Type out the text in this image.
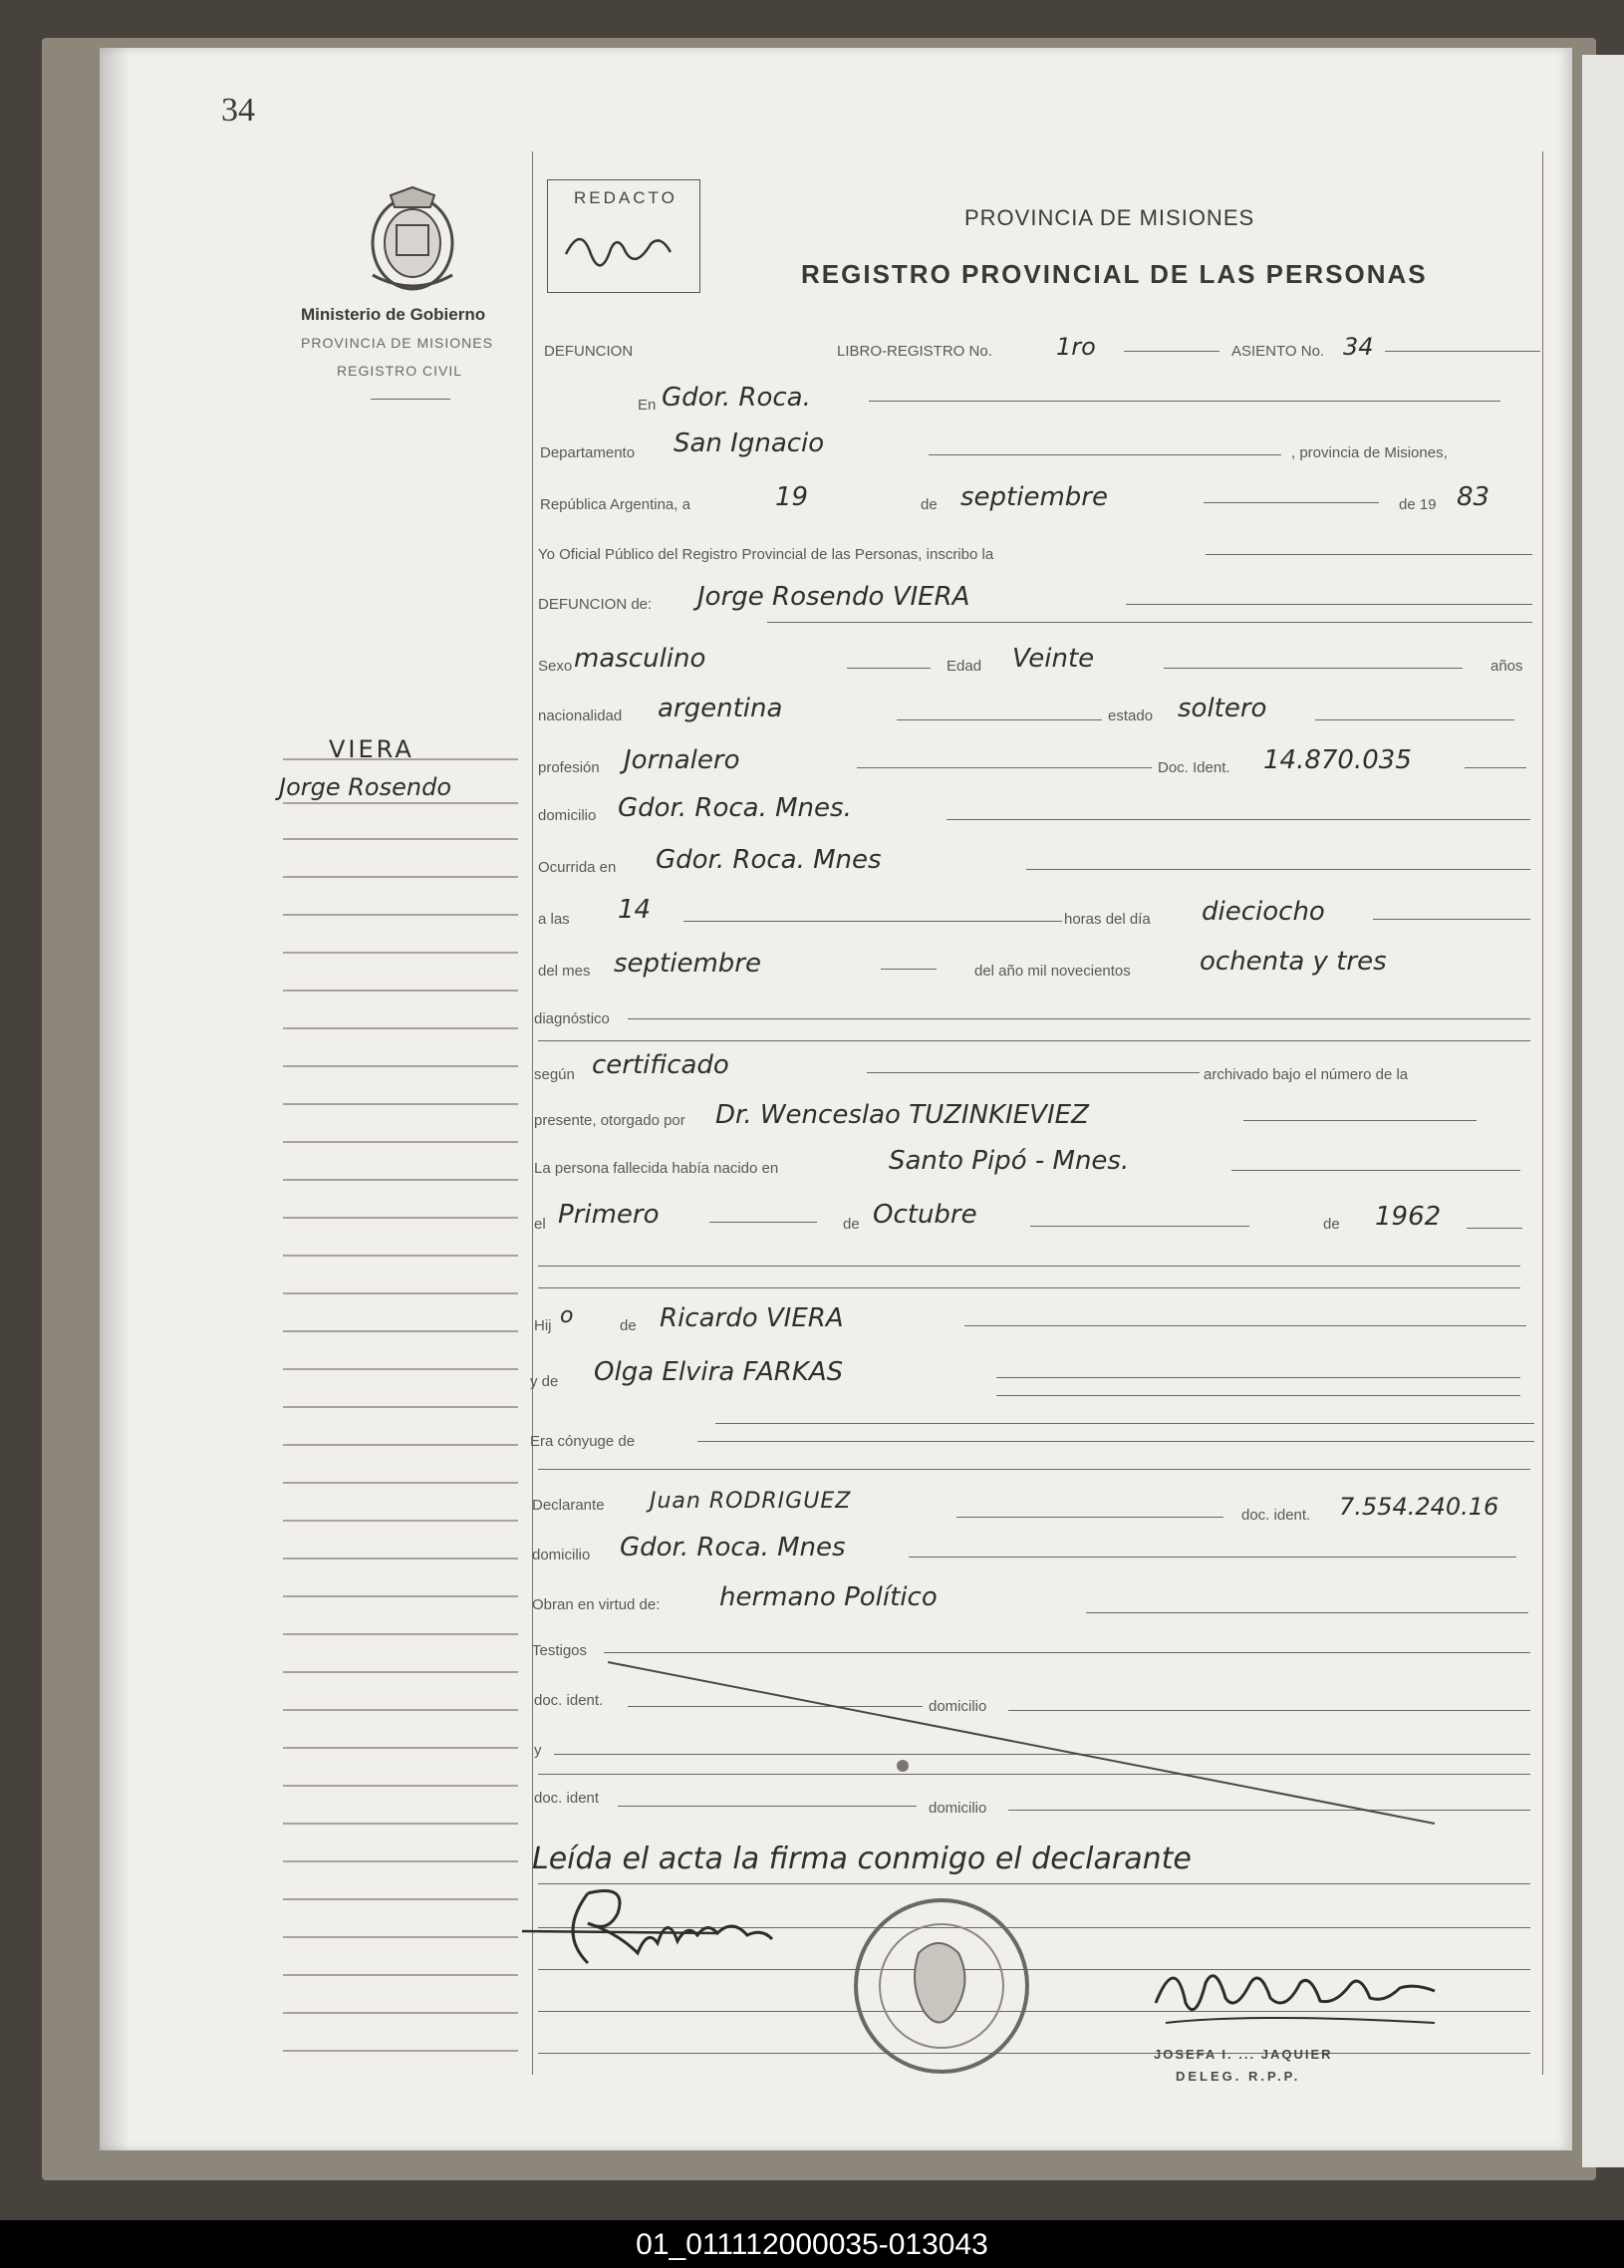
34
Ministerio de Gobierno
PROVINCIA DE MISIONES
REGISTRO CIVIL
VIERA
Jorge Rosendo
REDACTO
PROVINCIA DE MISIONES
REGISTRO PROVINCIAL DE LAS PERSONAS
DEFUNCION	LIBRO-REGISTRO No.	1ro	ASIENTO No. 34
En Gdor. Roca.
Departamento San Ignacio	, provincia de Misiones,
República Argentina, a	19	de septiembre	de 19 83
Yo Oficial Público del Registro Provincial de las Personas, inscribo la
DEFUNCION de: Jorge Rosendo VIERA
Sexo masculino	Edad Veinte	años
nacionalidad argentina	estado soltero
profesión Jornalero	Doc. Ident. 14.870.035
domicilio Gdor. Roca. Mnes.
Ocurrida en Gdor. Roca. Mnes
a las 14	horas del día dieciocho
del mes septiembre	del año mil novecientos	ochenta y tres
diagnóstico
según certificado	archivado bajo el número de la
presente, otorgado por Dr. Wenceslao TUZINKIEVIEZ
La persona fallecida había nacido en	Santo Pipó - Mnes.
el Primero	de Octubre	de 1962
Hij o	de Ricardo VIERA
y de Olga Elvira FARKAS
Era cónyuge de
Declarante Juan RODRIGUEZ
doc. ident. 7.554.240.16
domicilio Gdor. Roca. Mnes
Obran en virtud de: hermano Político
Testigos
doc. ident.	domicilio
y
doc. ident
domicilio
Leída el acta la firma conmigo el declarante
JOSEFA I. ... JAQUIER
DELEG. R.P.P.
01_011112000035-013043
